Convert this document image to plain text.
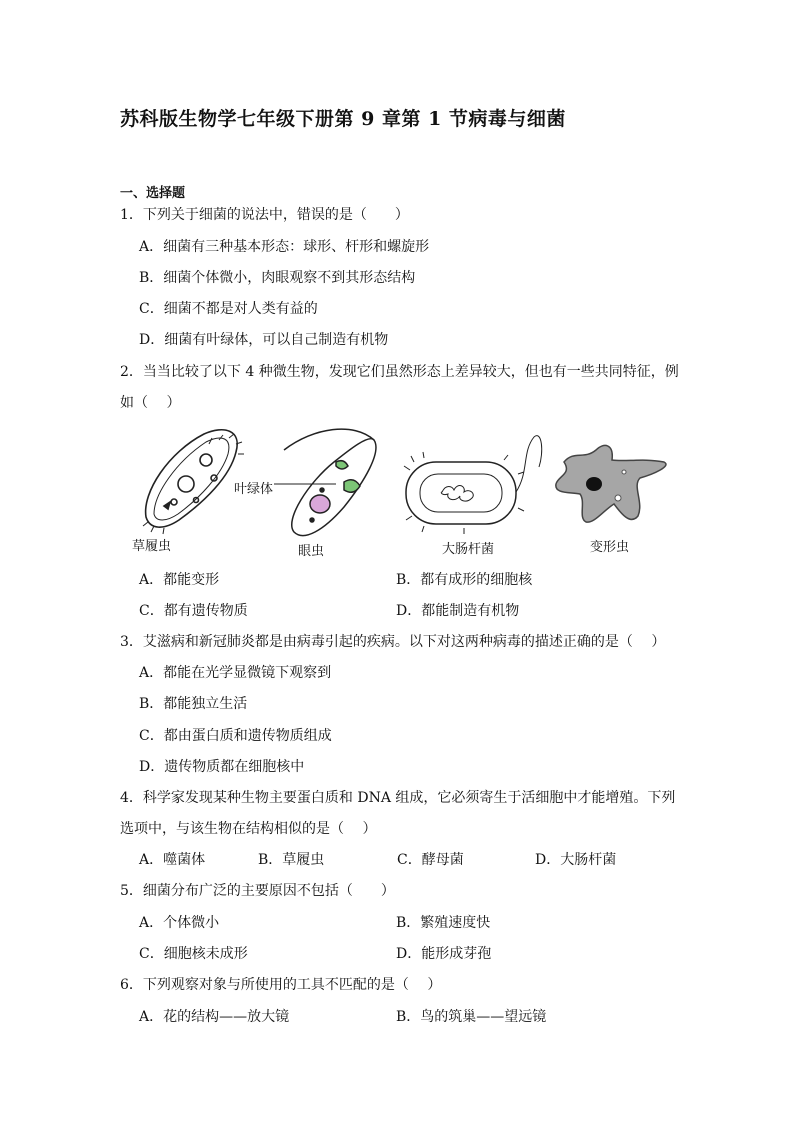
苏科版生物学七年级下册第 9 章第 1 节病毒与细菌
一、选择题
1．下列关于细菌的说法中，错误的是（　　）
A．细菌有三种基本形态：球形、杆形和螺旋形
B．细菌个体微小，肉眼观察不到其形态结构
C．细菌不都是对人类有益的
D．细菌有叶绿体，可以自己制造有机物
2．当当比较了以下 4 种微生物，发现它们虽然形态上差异较大，但也有一些共同特征，例
如（　 ）
草履虫	眼虫
叶绿体
大肠杆菌	变形虫
A．都能变形	B．都有成形的细胞核
C．都有遗传物质	D．都能制造有机物
3．艾滋病和新冠肺炎都是由病毒引起的疾病。以下对这两种病毒的描述正确的是（　 ）
A．都能在光学显微镜下观察到
B．都能独立生活
C．都由蛋白质和遗传物质组成
D．遗传物质都在细胞核中
4．科学家发现某种生物主要蛋白质和 DNA 组成，它必须寄生于活细胞中才能增殖。下列
选项中，与该生物在结构相似的是（　 ）
A．噬菌体	B．草履虫	C．酵母菌	D．大肠杆菌
5．细菌分布广泛的主要原因不包括（　　）
A．个体微小	B．繁殖速度快
C．细胞核未成形	D．能形成芽孢
6．下列观察对象与所使用的工具不匹配的是（　 ）
A．花的结构——放大镜	B．鸟的筑巢——望远镜
